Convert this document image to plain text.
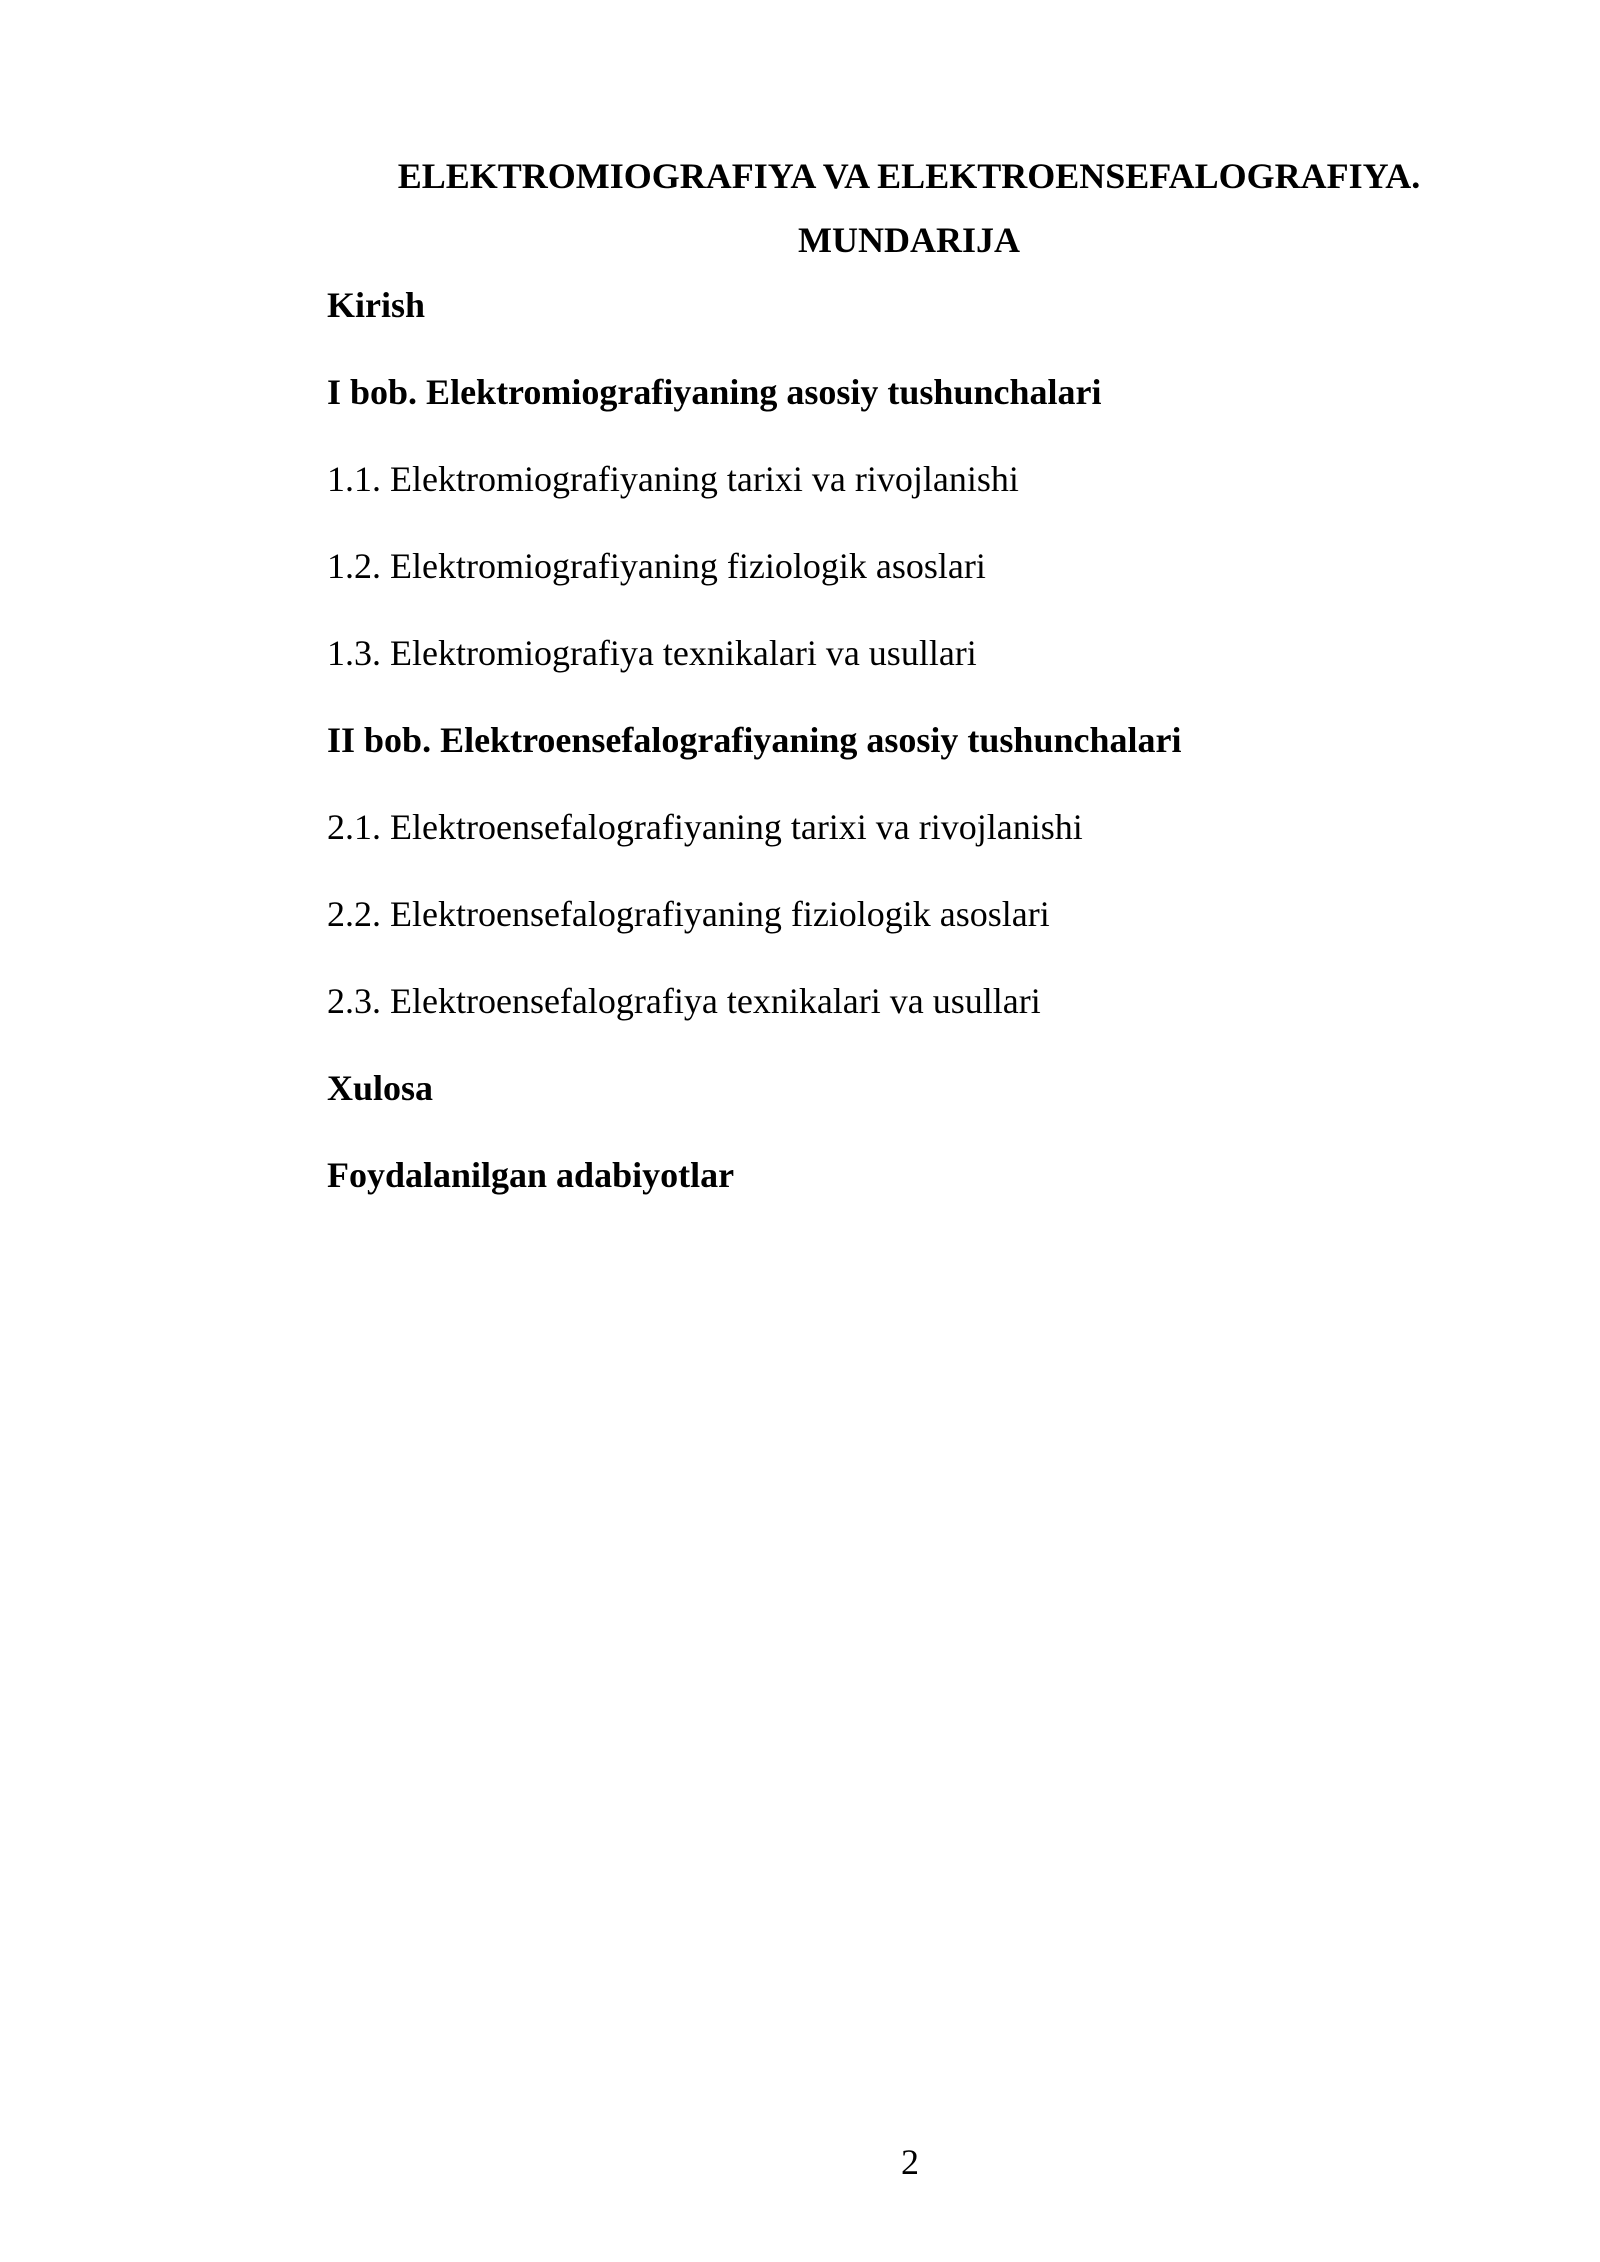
ELEKTROMIOGRAFIYA VA ELEKTROENSEFALOGRAFIYA.
MUNDARIJA
Kirish
I bob. Elektromiografiyaning asosiy tushunchalari
1.1. Elektromiografiyaning tarixi va rivojlanishi
1.2. Elektromiografiyaning fiziologik asoslari
1.3. Elektromiografiya texnikalari va usullari
II bob. Elektroensefalografiyaning asosiy tushunchalari
2.1. Elektroensefalografiyaning tarixi va rivojlanishi
2.2. Elektroensefalografiyaning fiziologik asoslari
2.3. Elektroensefalografiya texnikalari va usullari
Xulosa
Foydalanilgan adabiyotlar
2
